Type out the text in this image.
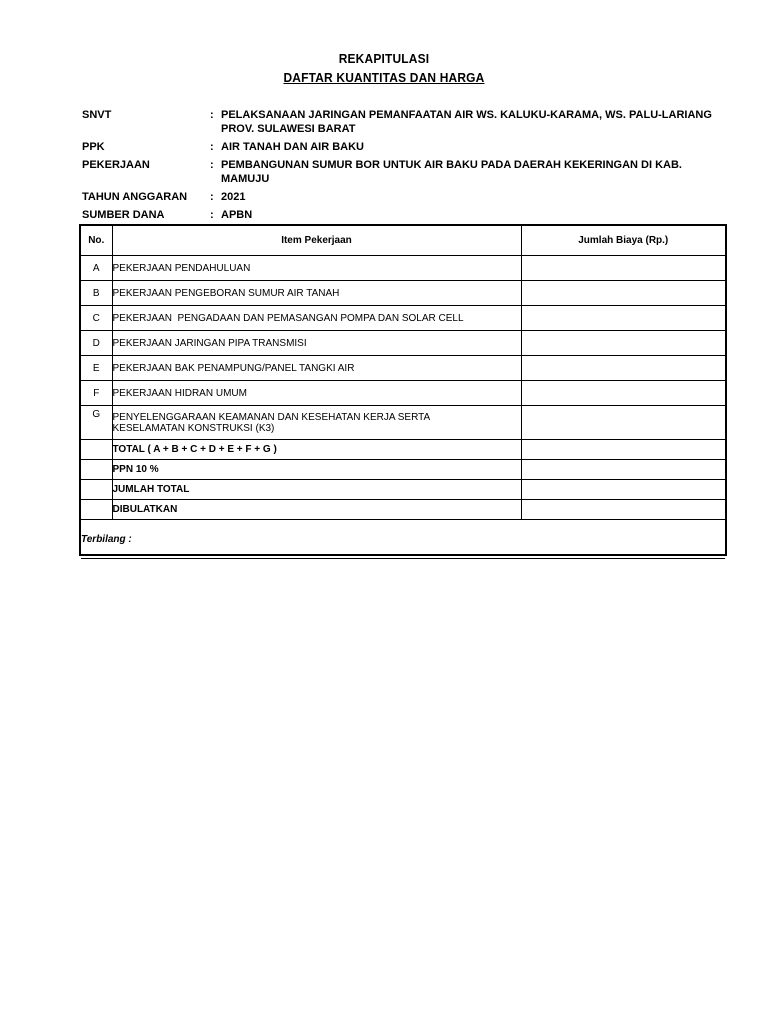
REKAPITULASI
DAFTAR KUANTITAS DAN HARGA
SNVT	: PELAKSANAAN JARINGAN PEMANFAATAN AIR WS. KALUKU-KARAMA, WS. PALU-LARIANG PROV. SULAWESI BARAT
PPK	: AIR TANAH DAN AIR BAKU
PEKERJAAN	: PEMBANGUNAN SUMUR BOR UNTUK AIR BAKU PADA DAERAH KEKERINGAN DI KAB. MAMUJU
TAHUN ANGGARAN	: 2021
SUMBER DANA	: APBN
No.	Item Pekerjaan	Jumlah Biaya (Rp.)
A	PEKERJAAN PENDAHULUAN	
B	PEKERJAAN PENGEBORAN SUMUR AIR TANAH	
C	PEKERJAAN  PENGADAAN DAN PEMASANGAN POMPA DAN SOLAR CELL	
D	PEKERJAAN JARINGAN PIPA TRANSMISI	
E	PEKERJAAN BAK PENAMPUNG/PANEL TANGKI AIR	
F	PEKERJAAN HIDRAN UMUM	
G	PENYELENGGARAAN KEAMANAN DAN KESEHATAN KERJA SERTA
KESELAMATAN KONSTRUKSI (K3)	

	TOTAL ( A + B + C + D + E + F + G )	
	PPN 10 %	
	JUMLAH TOTAL	
	DIBULATKAN	
Terbilang :		
